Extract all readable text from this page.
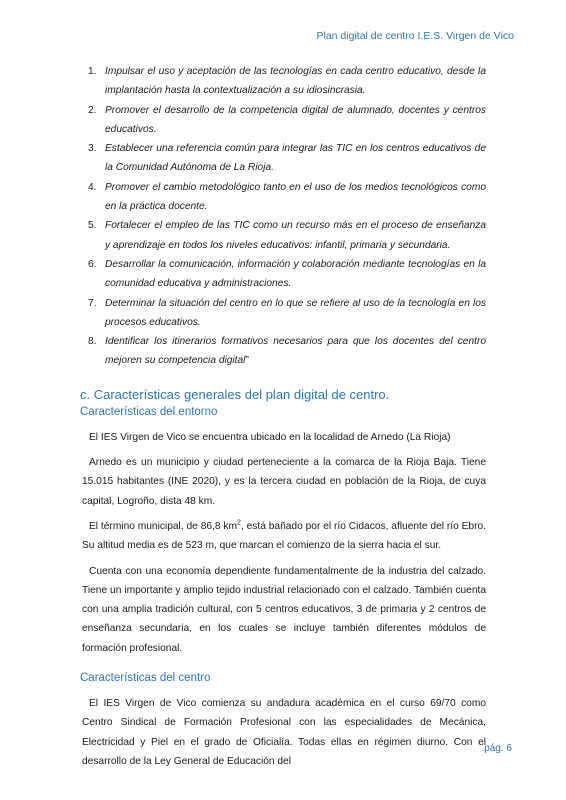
Plan digital de centro I.E.S. Virgen de Vico
1. Impulsar el uso y aceptación de las tecnologías en cada centro educativo, desde la implantación hasta la contextualización a su idiosincrasia.
2. Promover el desarrollo de la competencia digital de alumnado, docentes y centros educativos.
3. Establecer una referencia común para integrar las TIC en los centros educativos de la Comunidad Autónoma de La Rioja.
4. Promover el cambio metodológico tanto en el uso de los medios tecnológicos como en la práctica docente.
5. Fortalecer el empleo de las TIC como un recurso más en el proceso de enseñanza y aprendizaje en todos los niveles educativos: infantil, primaria y secundaria.
6. Desarrollar la comunicación, información y colaboración mediante tecnologías en la comunidad educativa y administraciones.
7. Determinar la situación del centro en lo que se refiere al uso de la tecnología en los procesos educativos.
8. Identificar los itinerarios formativos necesarios para que los docentes del centro mejoren su competencia digital”
c. Características generales del plan digital de centro.
Características del entorno

El IES Virgen de Vico se encuentra ubicado en la localidad de Arnedo (La Rioja)

Arnedo es un municipio y ciudad perteneciente a la comarca de la Rioja Baja. Tiene 15.015 habitantes (INE 2020), y es la tercera ciudad en población de la Rioja, de cuya capital, Logroño, dista 48 km.

El término municipal, de 86,8 $km^2$, está bañado por el río Cidacos, afluente del río Ebro. Su altitud media es de 523 m, que marcan el comienzo de la sierra hacia el sur.

Cuenta con una economía dependiente fundamentalmente de la industria del calzado. Tiene un importante y amplio tejido industrial relacionado con el calzado. También cuenta con una amplia tradición cultural, con 5 centros educativos, 3 de primaria y 2 centros de enseñanza secundaria, en los cuales se incluye también diferentes módulos de formación profesional.

Características del centro

El IES Virgen de Vico comienza su andadura académica en el curso 69/70 como Centro Sindical de Formación Profesional con las especialidades de Mecánica, Electricidad y Piel en el grado de Oficialía. Todas ellas en régimen diurno. Con el desarrollo de la Ley General de Educación del

pág. 6
